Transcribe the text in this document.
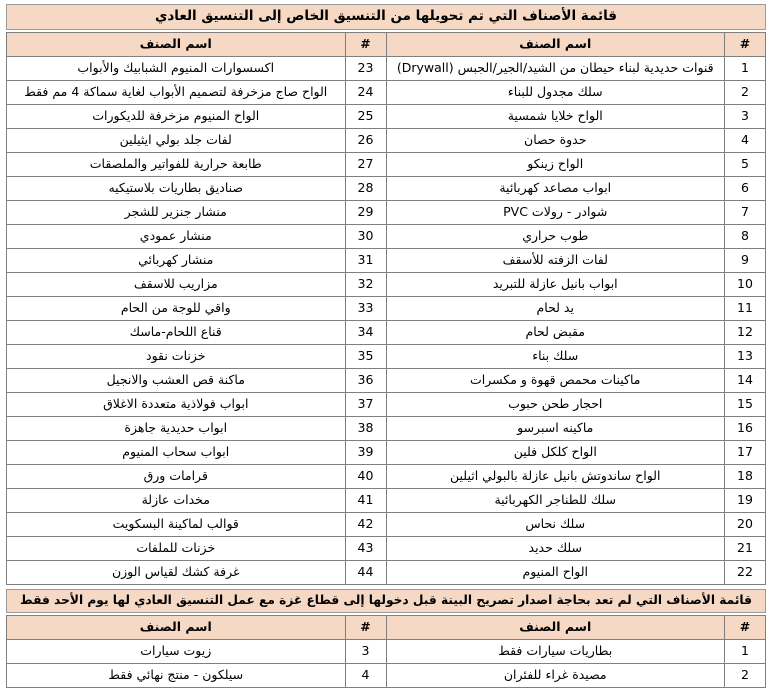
قائمة الأصناف التي تم تحويلها من التنسيق الخاص إلى التنسيق العادي
#	اسم الصنف	#	اسم الصنف
1	قنوات حديدية لبناء حيطان من الشيد/الجير/الجبس (Drywall)	23	اكسسوارات المنيوم الشبابيك والأبواب
2	سلك مجدول للبناء	24	الواح صاج مزخرفة لتصميم الأبواب لغاية سماكة 4 مم فقط
3	الواح خلايا شمسية	25	الواح المنيوم مزخرفة للديكورات
4	حدوة حصان	26	لفات جلد بولي ايثيلين
5	الواح زينكو	27	طابعة حرارية للفواتير والملصقات
6	ابواب مصاعد كهربائية	28	صناديق بطاريات بلاستيكيه
7	شوادر - رولات PVC	29	منشار جنزير للشجر
8	طوب حراري	30	منشار عمودي
9	لفات الزفته للأسقف	31	منشار كهربائي
10	ابواب بانيل عازلة للتبريد	32	مزاريب للاسقف
11	يد لحام	33	واقي للوجة من الحام
12	مقبض لحام	34	قناع اللحام-ماسك
13	سلك بناء	35	خزنات نقود
14	ماكينات محمص قهوة و مكسرات	36	ماكنة قص العشب والانجيل
15	احجار طحن حبوب	37	ابواب فولاذية متعددة الاغلاق
16	ماكينه اسبرسو	38	ابواب حديدية جاهزة
17	الواح كلكل فلين	39	ابواب سحاب المنيوم
18	الواح ساندوتش بانيل عازلة بالبولي اثيلين	40	قرامات ورق
19	سلك للطناجر الكهربائية	41	مخدات عازلة
20	سلك نحاس	42	قوالب لماكينة البسكويت
21	سلك حديد	43	خزنات للملفات
22	الواح المنيوم	44	غرفة كشك لقياس الوزن
قائمة الأصناف التي لم تعد بحاجة اصدار تصريح البينة قبل دخولها إلى قطاع غزة مع عمل التنسيق العادي لها يوم الأحد فقط
#	اسم الصنف	#	اسم الصنف
1	بطاريات سيارات فقط	3	زيوت سيارات
2	مصيدة غراء للفئران	4	سيلكون - منتج نهائي فقط
